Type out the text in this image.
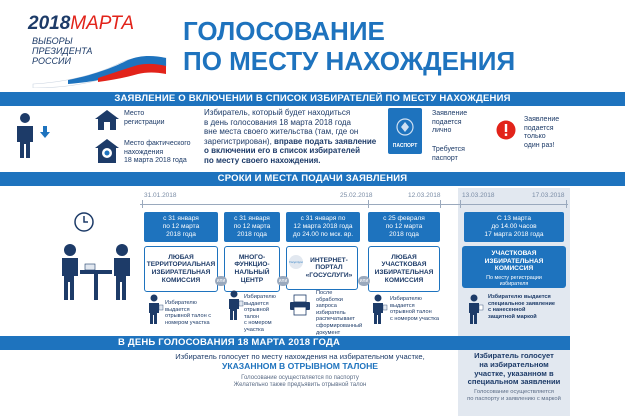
2018МАРТА
ВЫБОРЫ
ПРЕЗИДЕНТА
РОССИИ
ГОЛОСОВАНИЕ
ПО МЕСТУ НАХОЖДЕНИЯ
ЗАЯВЛЕНИЕ О ВКЛЮЧЕНИИ В СПИСОК ИЗБИРАТЕЛЕЙ ПО МЕСТУ НАХОЖДЕНИЯ
Место
регистрации
Место фактического
нахождения
18 марта 2018 года
Избиратель, который будет находиться
в день голосования 18 марта 2018 года
вне места своего жительства (там, где он
зарегистрирован), вправе подать заявление
о включении его в список избирателей
по месту своего нахождения.
ПАСПОРТ
Заявление
подается
лично
Требуется
паспорт
Заявление
подается
только
один раз!
СРОКИ И МЕСТА ПОДАЧИ ЗАЯВЛЕНИЯ
31.01.2018	25.02.2018	12.03.2018	13.03.2018	17.03.2018
с 31 января
по 12 марта
2018 года
с 31 января
по 12 марта
2018 года
с 31 января по
12 марта 2018 года
до 24.00 по мск. вр.
с 25 февраля
по 12 марта
2018 года
С 13 марта
до 14.00 часов
17 марта 2018 года
ЛЮБАЯ
ТЕРРИТОРИАЛЬНАЯ
ИЗБИРАТЕЛЬНАЯ
КОМИССИЯ
МНОГО-
ФУНКЦИО-
НАЛЬНЫЙ
ЦЕНТР
ИНТЕРНЕТ-
ПОРТАЛ
«ГОСУСЛУГИ»
Госуслуги
ЛЮБАЯ
УЧАСТКОВАЯ
ИЗБИРАТЕЛЬНАЯ
КОМИССИЯ
или	или	или
УЧАСТКОВАЯ
ИЗБИРАТЕЛЬНАЯ
КОМИССИЯ
По месту регистрации
избирателя
Избирателю выдается
отрывной талон с
номером участка
Избирателю
выдается
отрывной талон
с номером
участка
После
обработки
запроса
избиратель
распечатывает
сформированный
документ
Избирателю
выдается
отрывной талон
с номером участка
Избирателю выдается
специальное заявление
с нанесенной
защитной маркой
В ДЕНЬ ГОЛОСОВАНИЯ 18 МАРТА 2018 ГОДА
Избиратель голосует по месту нахождения на избирательном участке,
УКАЗАННОМ В ОТРЫВНОМ ТАЛОНЕ
Голосование осуществляется по паспорту
Желательно также предъявить отрывной талон
Избиратель голосует
на избирательном
участке, указанном в
специальном заявлении
Голосование осуществляется
по паспорту и заявлению с маркой
